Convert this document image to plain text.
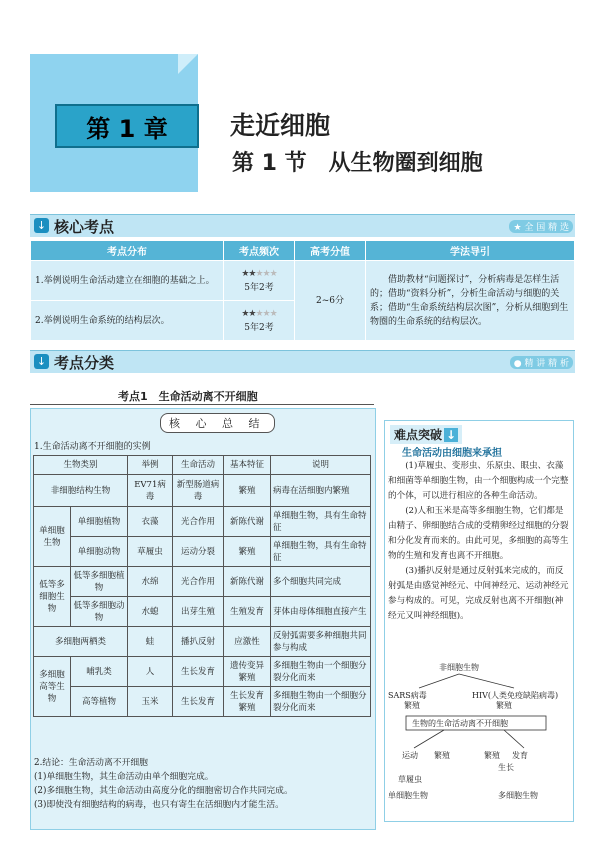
第 1 章	走近细胞
第 1 节　从生物圈到细胞
↓ 核心考点	★ 全 国 精 选
考点分布	考点频次	高考分值	学法导引
1.举例说明生命活动建立在细胞的基础之上。	★★★★★
5年2考	2~6分	借助教材“问题探讨”，分析病毒是怎样生活的；借助“资料分析”，分析生命活动与细胞的关系；借助“生命系统结构层次图”，分析从细胞到生物圈的生命系统的结构层次。
2.举例说明生命系统的结构层次。	★★★★★
5年2考		
↓ 考点分类	● 精 讲 精 析
考点1　生命活动离不开细胞
核 心 总 结
1.生命活动离不开细胞的实例
生物类别		举例	生命活动	基本特征	说明
非细胞结构生物		EV71病毒	新型肠道病毒	繁殖	病毒在活细胞内繁殖
单细胞生物	单细胞植物	衣藻	光合作用	新陈代谢	单细胞生物，具有生命特征
	单细胞动物	草履虫	运动分裂	繁殖	单细胞生物，具有生命特征
低等多细胞生物	低等多细胞植物	水绵	光合作用	新陈代谢	多个细胞共同完成
	低等多细胞动物	水螅	出芽生殖	生殖发育	芽体由母体细胞直接产生
多细胞两栖类		蛙	播扒反射	应激性	反射弧需要多种细胞共同参与构成
多细胞高等生物	哺乳类	人	生长发育	遗传变异繁殖	多细胞生物由一个细胞分裂分化而来
	高等植物	玉米	生长发育	生长发育繁殖	多细胞生物由一个细胞分裂分化而来
2.结论：生命活动离不开细胞
(1)单细胞生物，其生命活动由单个细胞完成。
(2)多细胞生物，其生命活动由高度分化的细胞密切合作共同完成。
(3)即使没有细胞结构的病毒，也只有寄生在活细胞内才能生活。
难点突破 ↓
生命活动由细胞来承担
(1)草履虫、变形虫、乐原虫、眼虫、衣藻和细菌等单细胞生物，由一个细胞构成一个完整的个体，可以进行相应的各种生命活动。
(2)人和玉米是高等多细胞生物，它们都是由精子、卵细胞结合成的受精卵经过细胞的分裂和分化发育而来的。由此可见，多细胞的高等生物的生殖和发育也离不开细胞。
(3)播扒反射是通过反射弧来完成的，而反射弧是由感觉神经元、中间神经元、运动神经元参与构成的。可见，完成反射也离不开细胞(神经元又叫神经细胞)。
非细胞生物
SARS病毒
繁殖
HIV(人类免疫缺陷病毒)
繁殖
生物的生命活动离不开细胞
运动 繁殖	繁殖 发育
生长
草履虫
单细胞生物	多细胞生物
